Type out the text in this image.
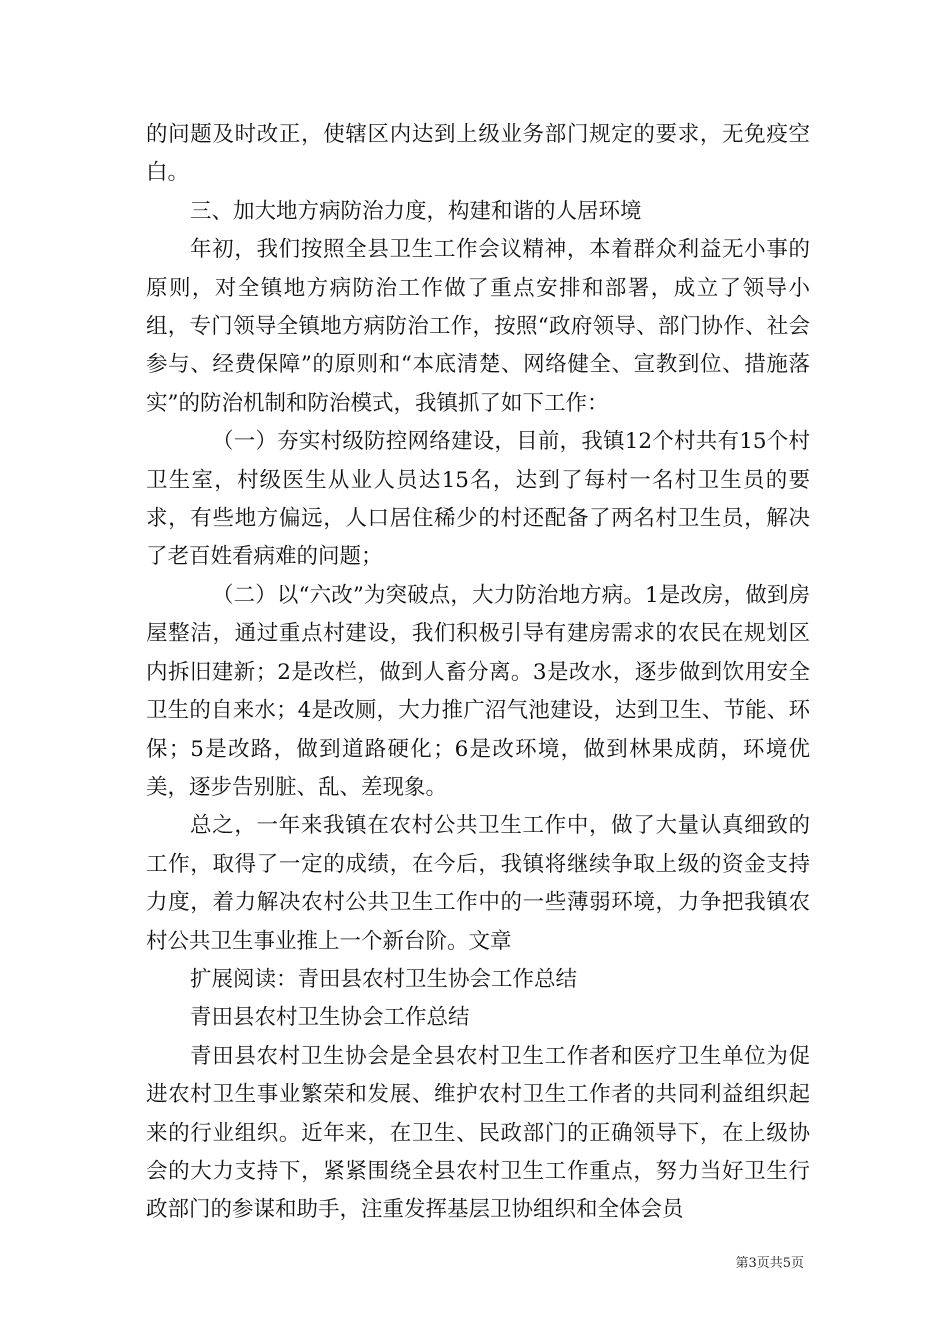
的问题及时改正，使辖区内达到上级业务部门规定的要求，无免疫空白。

三、加大地方病防治力度，构建和谐的人居环境

年初，我们按照全县卫生工作会议精神，本着群众利益无小事的原则，对全镇地方病防治工作做了重点安排和部署，成立了领导小组，专门领导全镇地方病防治工作，按照“政府领导、部门协作、社会参与、经费保障”的原则和“本底清楚、网络健全、宣教到位、措施落实”的防治机制和防治模式，我镇抓了如下工作：

（一）夯实村级防控网络建设，目前，我镇12个村共有15个村卫生室，村级医生从业人员达15名，达到了每村一名村卫生员的要求，有些地方偏远，人口居住稀少的村还配备了两名村卫生员，解决了老百姓看病难的问题；

（二）以“六改”为突破点，大力防治地方病。1是改房，做到房屋整洁，通过重点村建设，我们积极引导有建房需求的农民在规划区内拆旧建新；2是改栏，做到人畜分离。3是改水，逐步做到饮用安全卫生的自来水；4是改厕，大力推广沼气池建设，达到卫生、节能、环保；5是改路，做到道路硬化；6是改环境，做到林果成荫，环境优美，逐步告别脏、乱、差现象。

总之，一年来我镇在农村公共卫生工作中，做了大量认真细致的工作，取得了一定的成绩，在今后，我镇将继续争取上级的资金支持力度，着力解决农村公共卫生工作中的一些薄弱环境，力争把我镇农村公共卫生事业推上一个新台阶。文章

扩展阅读：青田县农村卫生协会工作总结

青田县农村卫生协会工作总结

青田县农村卫生协会是全县农村卫生工作者和医疗卫生单位为促进农村卫生事业繁荣和发展、维护农村卫生工作者的共同利益组织起来的行业组织。近年来，在卫生、民政部门的正确领导下，在上级协会的大力支持下，紧紧围绕全县农村卫生工作重点，努力当好卫生行政部门的参谋和助手，注重发挥基层卫协组织和全体会员

第3页共5页
